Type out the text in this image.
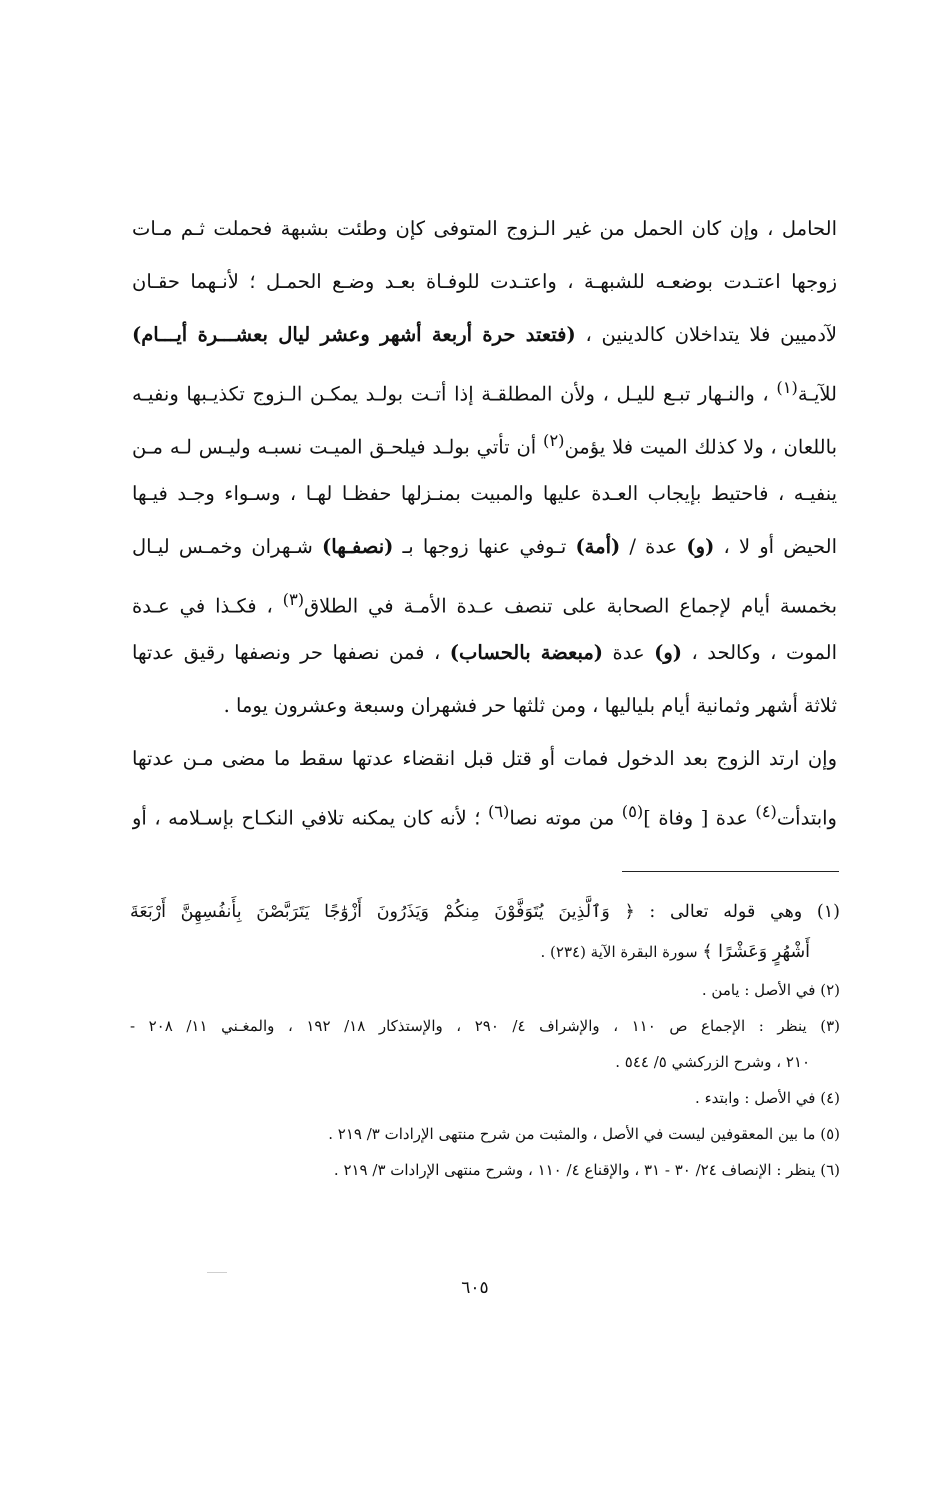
الحامل ، وإن كان الحمل من غير الـزوج المتوفى كإن وطئت بشبهة فحملت ثـم مـات
زوجها اعتـدت بوضعـه للشبهـة ، واعتـدت للوفـاة بعـد وضـع الحمـل ؛ لأنـهما حقـان
لآدميين فلا يتداخلان كالدينين ، (فتعتد حرة أربعة أشهر وعشر ليال بعشـــرة أيـــام)
للآيـة$^{(١)}$ ، والنـهار تبـع لليـل ، ولأن المطلقـة إذا أتـت بولـد يمكـن الـزوج تكذيـبها ونفيـه
باللعان ، ولا كذلك الميت فلا يؤمن$^{(٢)}$ أن تأتي بولـد فيلحـق الميـت نسبـه وليـس لـه مـن
ينفيـه ، فاحتيط بإيجاب العـدة عليها والمبيت بمنـزلها حفظـا لهـا ، وسـواء وجـد فيـها
الحيض أو لا ، (و) عدة / (أمة) تـوفي عنها زوجها بـ (نصفـها) شـهران وخمـس ليـال
بخمسة أيام لإجماع الصحابة على تنصف عـدة الأمـة في الطلاق$^{(٣)}$ ، فكـذا في عـدة
الموت ، وكالحد ، (و) عدة (مبعضة بالحساب) ، فمن نصفها حر ونصفها رقيق عدتها
ثلاثة أشهر وثمانية أيام بلياليها ، ومن ثلثها حر فشهران وسبعة وعشرون يوما .
وإن ارتد الزوج بعد الدخول فمات أو قتل قبل انقضاء عدتها سقط ما مضى مـن عدتها
وابتدأت$^{(٤)}$ عدة [ وفاة ]$^{(٥)}$ من موته نصا$^{(٦)}$ ؛ لأنه كان يمكنه تلافي النكـاح بإسـلامه ، أو
(١) وهي قوله تعالى : ﴿ وَٱلَّذِينَ يُتَوَفَّوْنَ مِنكُمْ وَيَذَرُونَ أَزْوَٰجًا يَتَرَبَّصْنَ بِأَنفُسِهِنَّ أَرْبَعَةَ
أَشْهُرٍ وَعَشْرًا ﴾ سورة البقرة الآية (٢٣٤) .
(٢) في الأصل : يامن .
(٣) ينظر : الإجماع ص ١١٠ ، والإشراف ٤/ ٢٩٠ ، والإستذكار ١٨/ ١٩٢ ، والمغـني ١١/ ٢٠٨ -
٢١٠ ، وشرح الزركشي ٥/ ٥٤٤ .
(٤) في الأصل : وابتدء .
(٥) ما بين المعقوفين ليست في الأصل ، والمثبت من شرح منتهى الإرادات ٣/ ٢١٩ .
(٦) ينظر : الإنصاف ٢٤/ ٣٠ - ٣١ ، والإقناع ٤/ ١١٠ ، وشرح منتهى الإرادات ٣/ ٢١٩ .
٦٠٥
